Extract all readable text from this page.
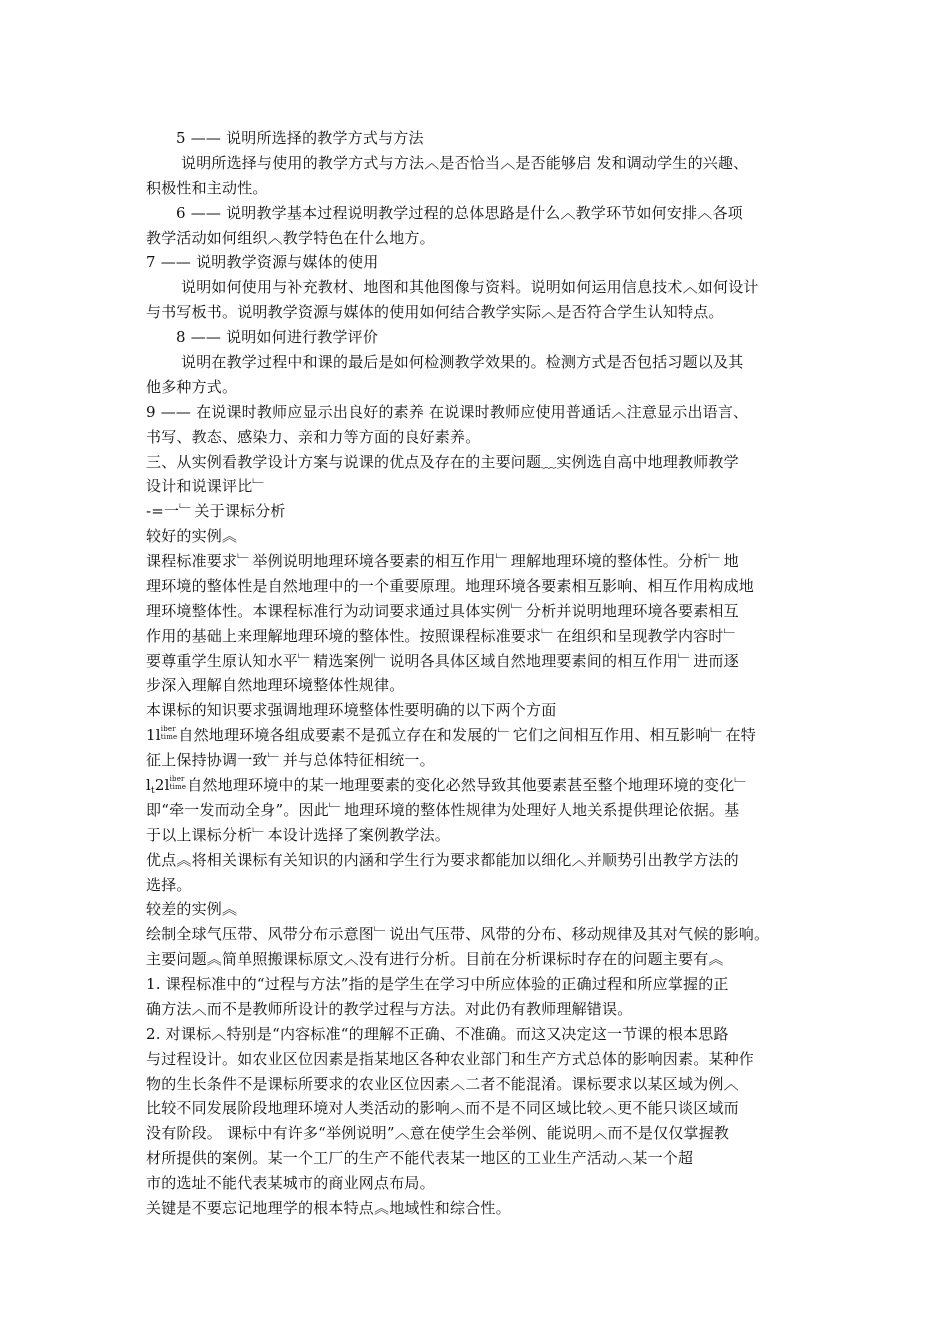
5 —— 说明所选择的教学方式与方法
说明所选择与使用的教学方式与方法︿是否恰当︿是否能够启 发和调动学生的兴趣、
积极性和主动性。
6 —— 说明教学基本过程说明教学过程的总体思路是什么︿教学环节如何安排︿各项
教学活动如何组织︿教学特色在什么地方。
7 —— 说明教学资源与媒体的使用
说明如何使用与补充教材、地图和其他图像与资料。说明如何运用信息技术︿如何设计
与书写板书。说明教学资源与媒体的使用如何结合教学实际︿是否符合学生认知特点。
8 —— 说明如何进行教学评价
说明在教学过程中和课的最后是如何检测教学效果的。检测方式是否包括习题以及其
他多种方式。
9 —— 在说课时教师应显示出良好的素养 在说课时教师应使用普通话︿注意显示出语言、
书写、教态、感染力、亲和力等方面的良好素养。
三、从实例看教学设计方案与说课的优点及存在的主要问题﹏实例选自高中地理教师教学
设计和说课评比﹂
-=一﹂关于课标分析
较好的实例︽
课程标准要求﹂举例说明地理环境各要素的相互作用﹂理解地理环境的整体性。分析﹂地
理环境的整体性是自然地理中的一个重要原理。地理环境各要素相互影响、相互作用构成地
理环境整体性。本课程标准行为动词要求通过具体实例﹂分析并说明地理环境各要素相互
作用的基础上来理解地理环境的整体性。按照课程标准要求﹂在组织和呈现教学内容时﹂
要尊重学生原认知水平﹂精选案例﹂说明各具体区域自然地理要素间的相互作用﹂进而逐
步深入理解自然地理环境整体性规律。
本课标的知识要求强调地理环境整体性要明确的以下两个方面
1l iber
time 自然地理环境各组成要素不是孤立存在和发展的﹂它们之间相互作用、相互影响﹂在特
征上保持协调一致﹂并与总体特征相统一。
$l_t2l$ iber
time 自然地理环境中的某一地理要素的变化必然导致其他要素甚至整个地理环境的变化﹂
即“牵一发而动全身”。因此﹂地理环境的整体性规律为处理好人地关系提供理论依据。基
于以上课标分析﹂本设计选择了案例教学法。
优点︽将相关课标有关知识的内涵和学生行为要求都能加以细化︿并顺势引出教学方法的
选择。
较差的实例︽
绘制全球气压带、风带分布示意图﹂说出气压带、风带的分布、移动规律及其对气候的影响。
主要问题︽简单照搬课标原文︿没有进行分析。目前在分析课标时存在的问题主要有︽
1. 课程标准中的“过程与方法”指的是学生在学习中所应体验的正确过程和所应掌握的正
确方法︿而不是教师所设计的教学过程与方法。对此仍有教师理解错误。
2. 对课标︿特别是“内容标准“的理解不正确、不准确。而这又决定这一节课的根本思路
与过程设计。如农业区位因素是指某地区各种农业部门和生产方式总体的影响因素。某种作
物的生长条件不是课标所要求的农业区位因素︿二者不能混淆。课标要求以某区域为例︿
比较不同发展阶段地理环境对人类活动的影响︿而不是不同区域比较︿更不能只谈区域而
没有阶段。 课标中有许多“举例说明”︿意在使学生会举例、能说明︿而不是仅仅掌握教
材所提供的案例。某一个工厂的生产不能代表某一地区的工业生产活动︿某一个超
市的选址不能代表某城市的商业网点布局。
关键是不要忘记地理学的根本特点︽地域性和综合性。
